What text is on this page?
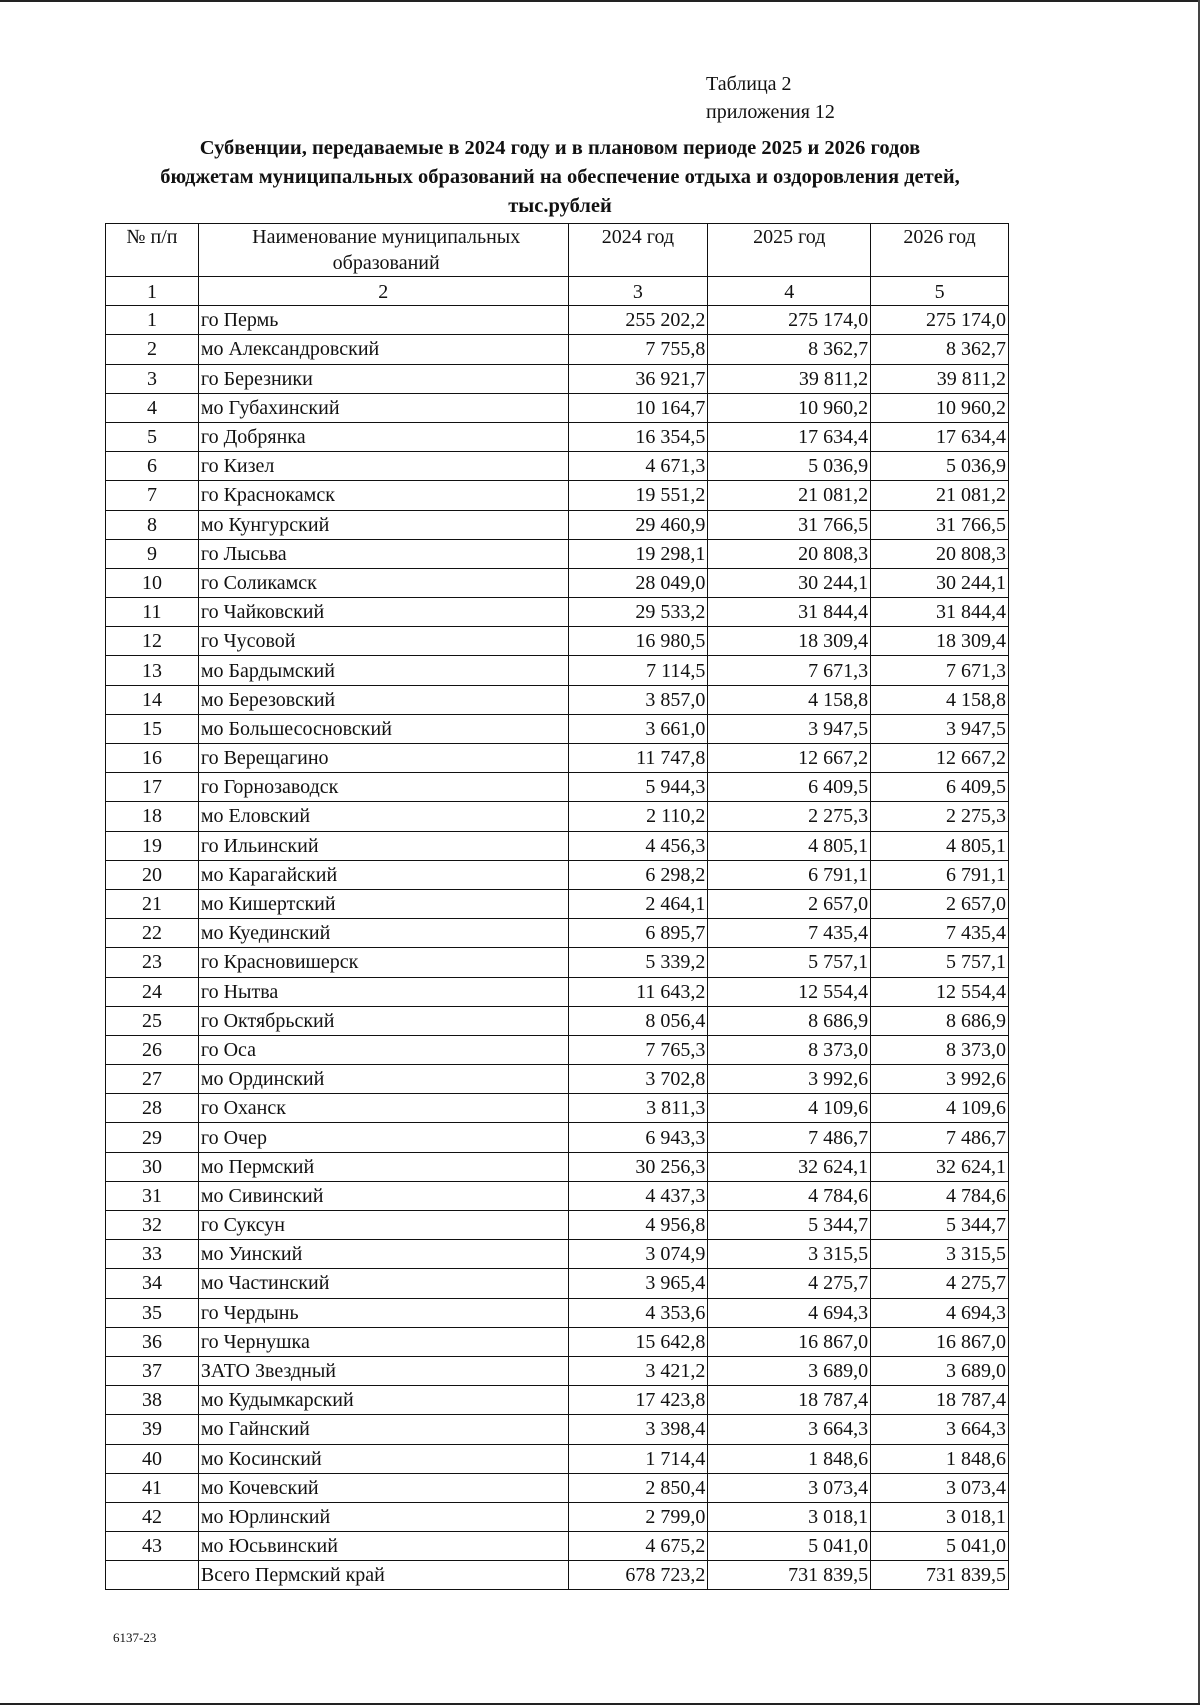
Таблица 2
приложения 12
Субвенции, передаваемые в 2024 году и в плановом периоде 2025 и 2026 годов
бюджетам муниципальных образований на обеспечение отдыха и оздоровления детей,
тыс.рублей
№ п/п	Наименование муниципальных образований	2024 год	2025 год	2026 год
1	2	3	4	5
1	го Пермь	255 202,2	275 174,0	275 174,0
2	мо Александровский	7 755,8	8 362,7	8 362,7
3	го Березники	36 921,7	39 811,2	39 811,2
4	мо Губахинский	10 164,7	10 960,2	10 960,2
5	го Добрянка	16 354,5	17 634,4	17 634,4
6	го Кизел	4 671,3	5 036,9	5 036,9
7	го Краснокамск	19 551,2	21 081,2	21 081,2
8	мо Кунгурский	29 460,9	31 766,5	31 766,5
9	го Лысьва	19 298,1	20 808,3	20 808,3
10	го Соликамск	28 049,0	30 244,1	30 244,1
11	го Чайковский	29 533,2	31 844,4	31 844,4
12	го Чусовой	16 980,5	18 309,4	18 309,4
13	мо Бардымский	7 114,5	7 671,3	7 671,3
14	мо Березовский	3 857,0	4 158,8	4 158,8
15	мо Большесосновский	3 661,0	3 947,5	3 947,5
16	го Верещагино	11 747,8	12 667,2	12 667,2
17	го Горнозаводск	5 944,3	6 409,5	6 409,5
18	мо Еловский	2 110,2	2 275,3	2 275,3
19	го Ильинский	4 456,3	4 805,1	4 805,1
20	мо Карагайский	6 298,2	6 791,1	6 791,1
21	мо Кишертский	2 464,1	2 657,0	2 657,0
22	мо Куединский	6 895,7	7 435,4	7 435,4
23	го Красновишерск	5 339,2	5 757,1	5 757,1
24	го Нытва	11 643,2	12 554,4	12 554,4
25	го Октябрьский	8 056,4	8 686,9	8 686,9
26	го Оса	7 765,3	8 373,0	8 373,0
27	мо Ординский	3 702,8	3 992,6	3 992,6
28	го Оханск	3 811,3	4 109,6	4 109,6
29	го Очер	6 943,3	7 486,7	7 486,7
30	мо Пермский	30 256,3	32 624,1	32 624,1
31	мо Сивинский	4 437,3	4 784,6	4 784,6
32	го Суксун	4 956,8	5 344,7	5 344,7
33	мо Уинский	3 074,9	3 315,5	3 315,5
34	мо Частинский	3 965,4	4 275,7	4 275,7
35	го Чердынь	4 353,6	4 694,3	4 694,3
36	го Чернушка	15 642,8	16 867,0	16 867,0
37	ЗАТО Звездный	3 421,2	3 689,0	3 689,0
38	мо Кудымкарский	17 423,8	18 787,4	18 787,4
39	мо Гайнский	3 398,4	3 664,3	3 664,3
40	мо Косинский	1 714,4	1 848,6	1 848,6
41	мо Кочевский	2 850,4	3 073,4	3 073,4
42	мо Юрлинский	2 799,0	3 018,1	3 018,1
43	мо Юсьвинский	4 675,2	5 041,0	5 041,0
	Всего Пермский край	678 723,2	731 839,5	731 839,5
6137-23
